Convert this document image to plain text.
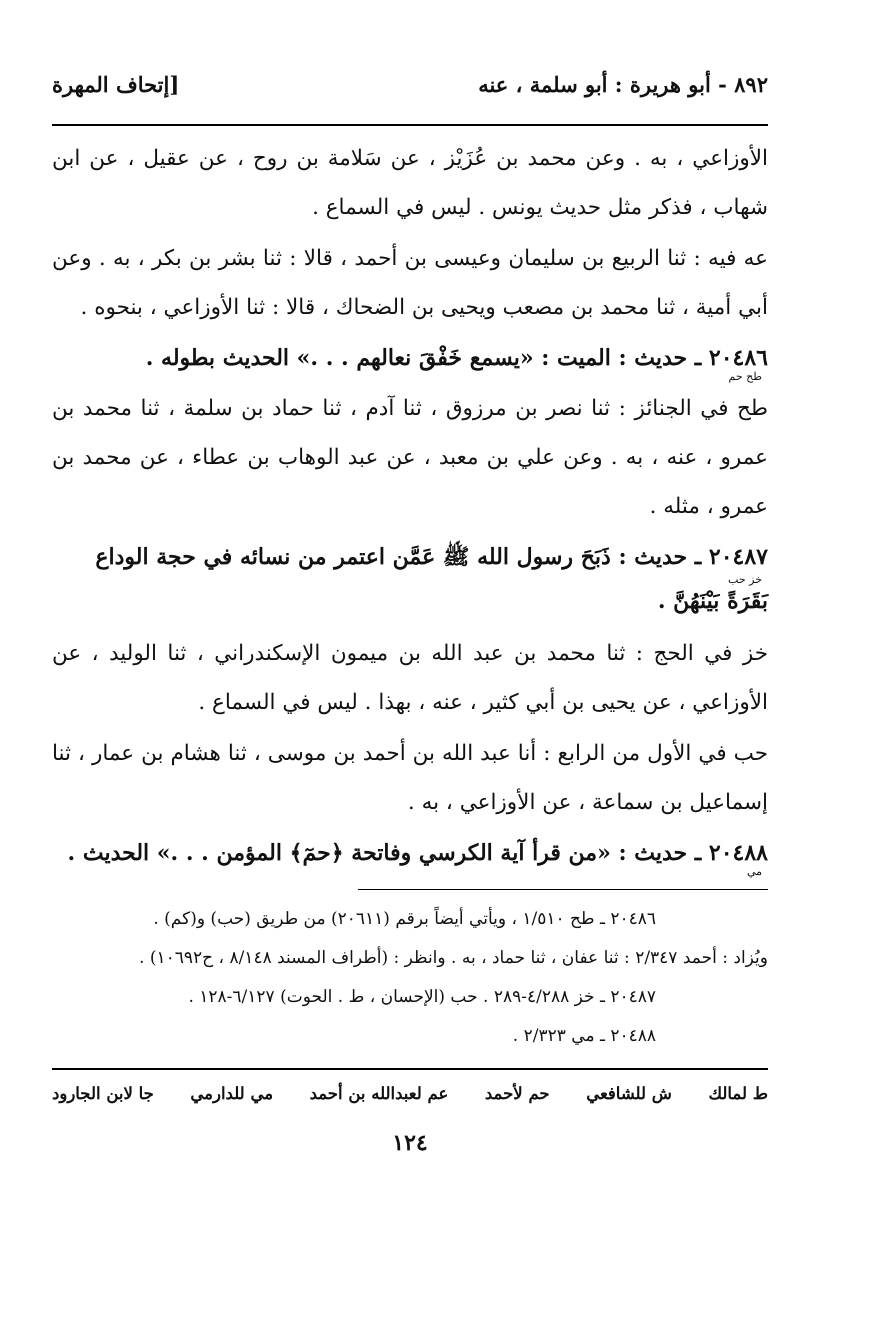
٨٩٢ - أبو هريرة : أبو سلمة ، عنه
[إتحاف المهرة

الأوزاعي ، به . وعن محمد بن عُزَيْز ، عن سَلامة بن روح ، عن عقيل ، عن ابن شهاب ، فذكر مثل حديث يونس . ليس في السماع .

عه فيه : ثنا الربيع بن سليمان وعيسى بن أحمد ، قالا : ثنا بشر بن بكر ، به . وعن أبي أمية ، ثنا محمد بن مصعب ويحيى بن الضحاك ، قالا : ثنا الأوزاعي ، بنحوه .

٢٠٤٨٦ ـ حديث : الميت : «يسمع خَفْقَ نعالهم . . .» الحديث بطوله .

طح حم

طح في الجنائز : ثنا نصر بن مرزوق ، ثنا آدم ، ثنا حماد بن سلمة ، ثنا محمد بن عمرو ، عنه ، به . وعن علي بن معبد ، عن عبد الوهاب بن عطاء ، عن محمد بن عمرو ، مثله .

٢٠٤٨٧ ـ حديث : ذَبَحَ رسول الله ﷺ عَمَّن اعتمر من نسائه في حجة الوداع
خز حب
بَقَرَةً بَيْنَهُنَّ .

خز في الحج : ثنا محمد بن عبد الله بن ميمون الإسكندراني ، ثنا الوليد ، عن الأوزاعي ، عن يحيى بن أبي كثير ، عنه ، بهذا . ليس في السماع .

حب في الأول من الرابع : أنا عبد الله بن أحمد بن موسى ، ثنا هشام بن عمار ، ثنا إسماعيل بن سماعة ، عن الأوزاعي ، به .

٢٠٤٨٨ ـ حديث : «من قرأ آية الكرسي وفاتحة ﴿حمٓ﴾ المؤمن . . .» الحديث .

مي

٢٠٤٨٦ ـ طح ١/٥١٠ ، ويأتي أيضاً برقم (٢٠٦١١) من طريق (حب) و(كم) .

ويُزاد : أحمد ٢/٣٤٧ : ثنا عفان ، ثنا حماد ، به . وانظر : (أطراف المسند ٨/١٤٨ ، ح١٠٦٩٢) .

٢٠٤٨٧ ـ خز ٤/٢٨٨-٢٨٩ . حب (الإحسان ، ط . الحوت) ٦/١٢٧-١٢٨ .

٢٠٤٨٨ ـ مي ٢/٣٢٣ .

ط لمالك
ش للشافعي
حم لأحمد
عم لعبدالله بن أحمد
مي للدارمي
جا لابن الجارود
١٢٤
